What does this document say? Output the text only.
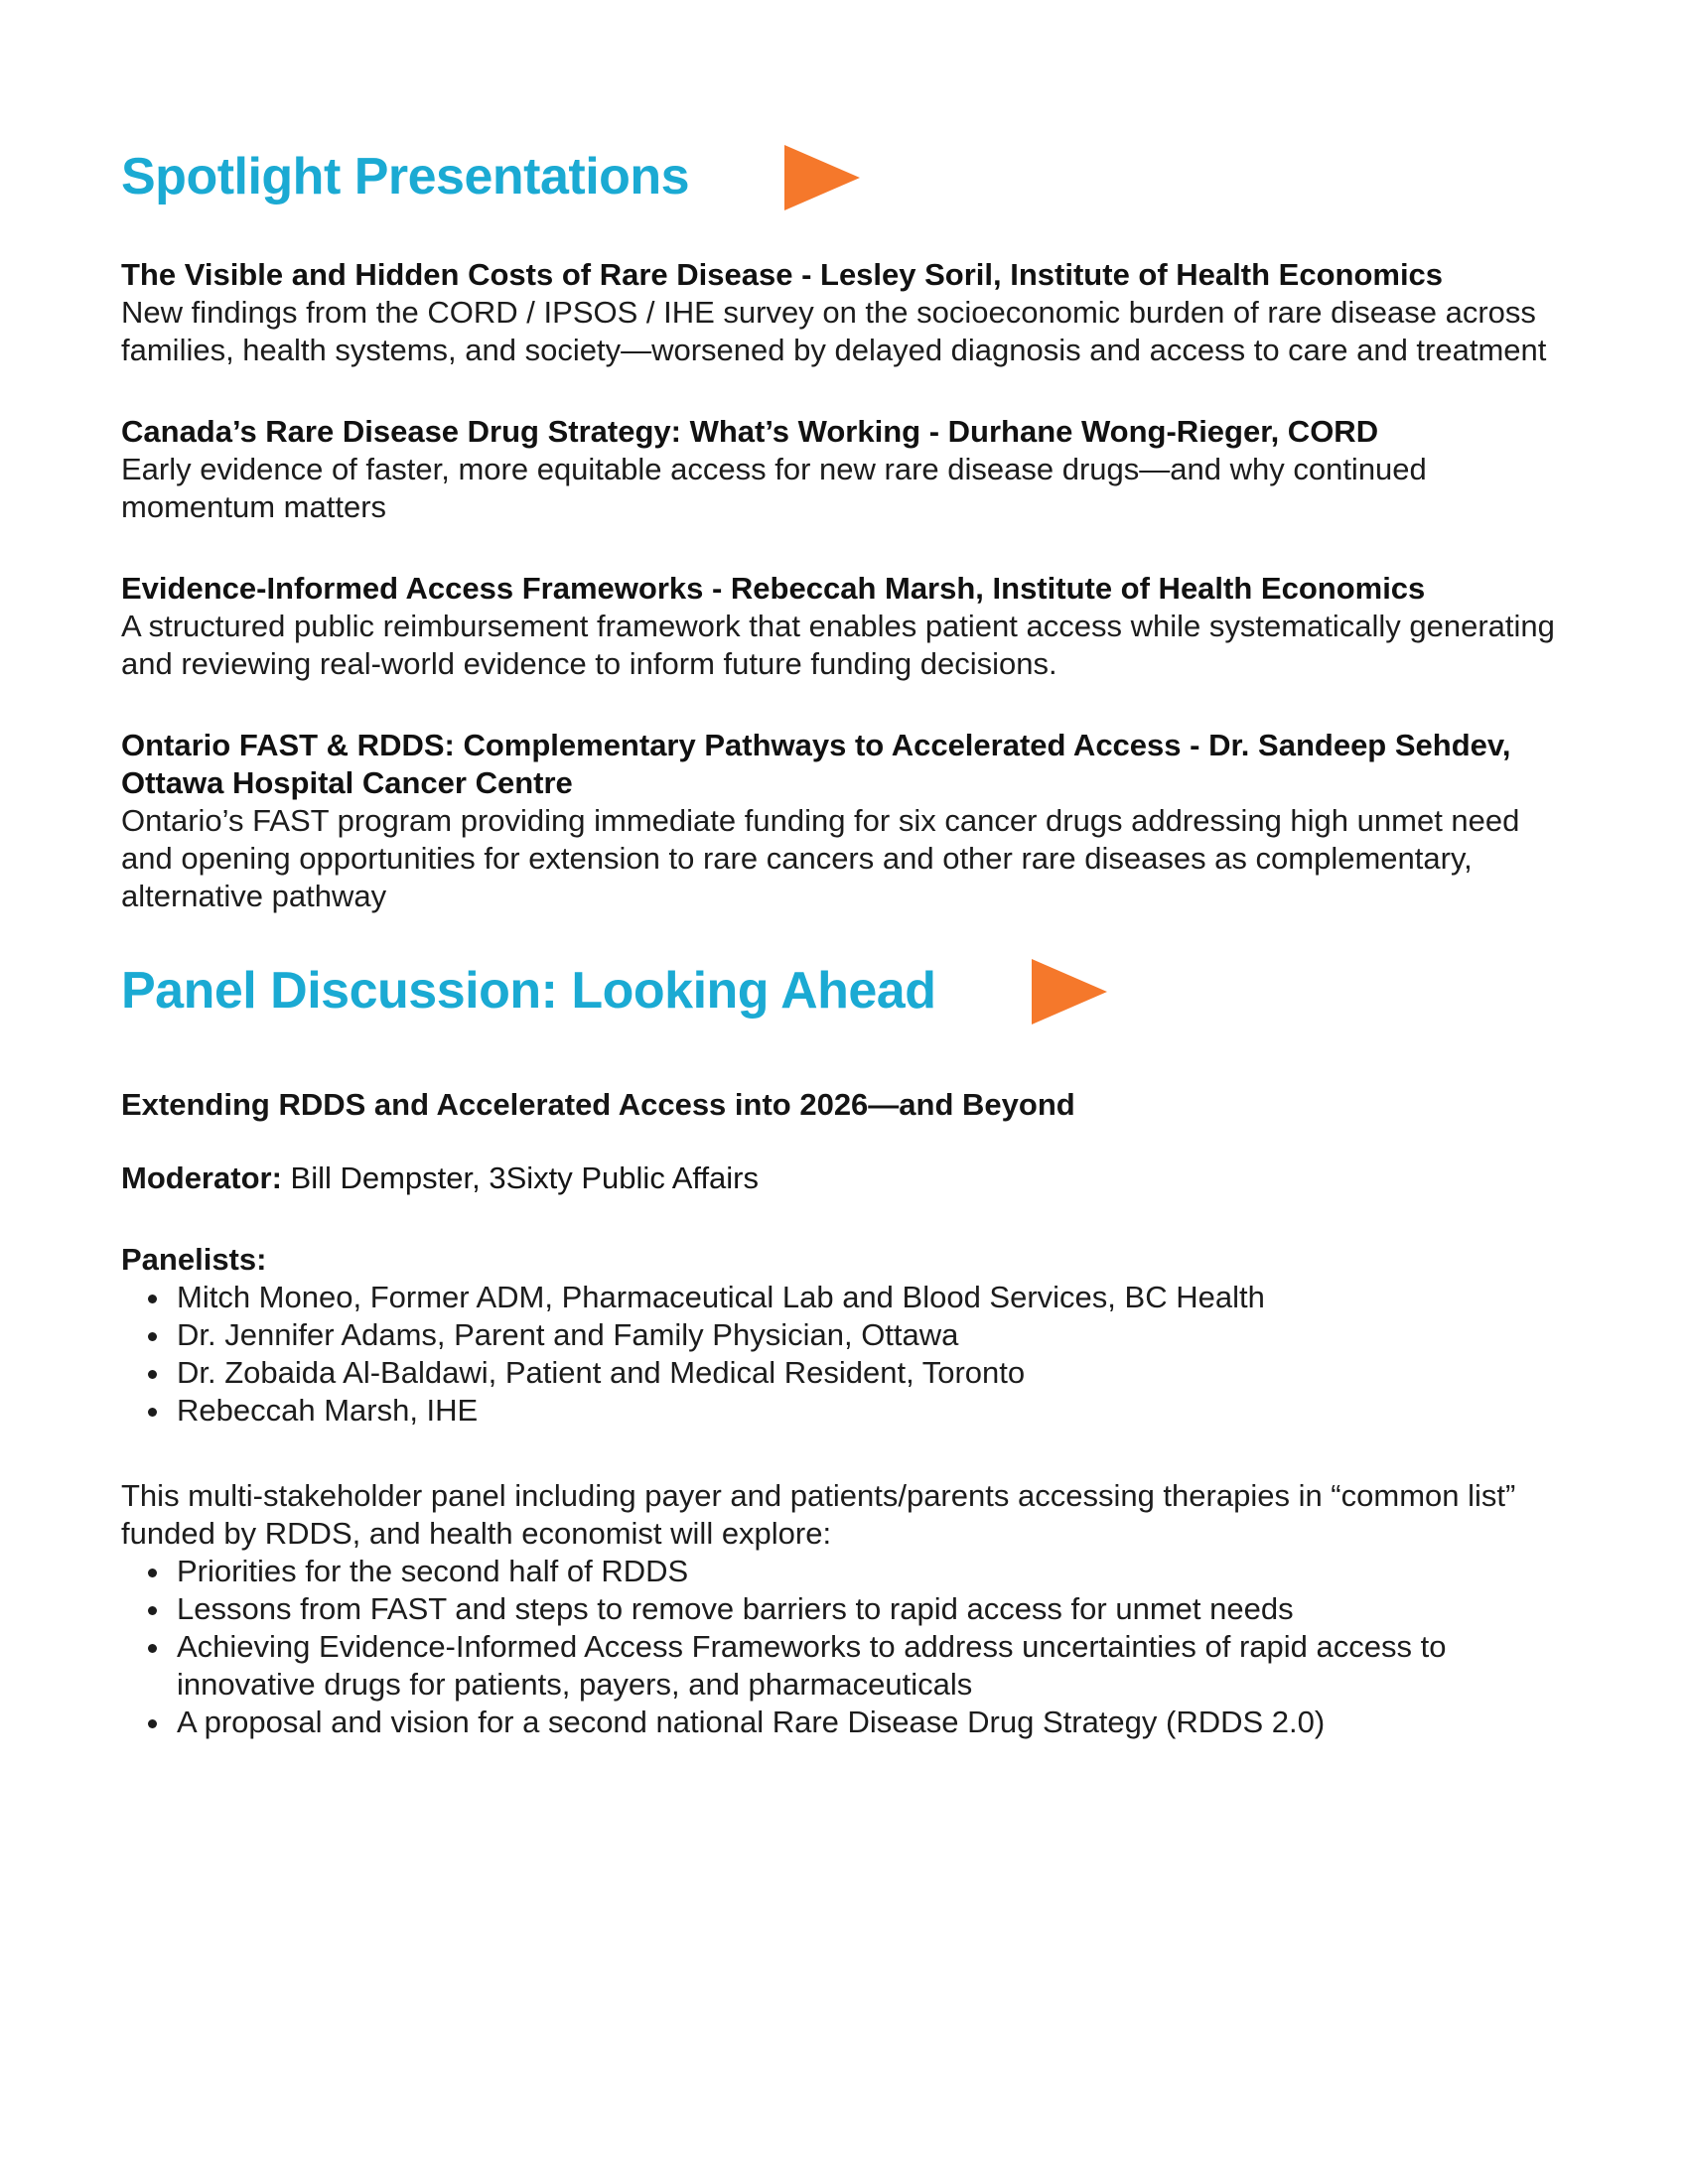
Spotlight Presentations

The Visible and Hidden Costs of Rare Disease - Lesley Soril, Institute of Health Economics

New findings from the CORD / IPSOS / IHE survey on the socioeconomic burden of rare disease across families, health systems, and society—worsened by delayed diagnosis and access to care and treatment

Canada’s Rare Disease Drug Strategy: What’s Working - Durhane Wong-Rieger, CORD

Early evidence of faster, more equitable access for new rare disease drugs—and why continued momentum matters

Evidence-Informed Access Frameworks - Rebeccah Marsh, Institute of Health Economics

A structured public reimbursement framework that enables patient access while systematically generating and reviewing real-world evidence to inform future funding decisions.

Ontario FAST & RDDS: Complementary Pathways to Accelerated Access - Dr. Sandeep Sehdev, Ottawa Hospital Cancer Centre

Ontario’s FAST program providing immediate funding for six cancer drugs addressing high unmet need and opening opportunities for extension to rare cancers and other rare diseases as complementary, alternative pathway

Panel Discussion: Looking Ahead

Extending RDDS and Accelerated Access into 2026—and Beyond

Moderator: Bill Dempster, 3Sixty Public Affairs

Panelists:

• Mitch Moneo, Former ADM, Pharmaceutical Lab and Blood Services, BC Health
• Dr. Jennifer Adams, Parent and Family Physician, Ottawa
• Dr. Zobaida Al-Baldawi, Patient and Medical Resident, Toronto
• Rebeccah Marsh, IHE

This multi-stakeholder panel including payer and patients/parents accessing therapies in “common list” funded by RDDS, and health economist will explore:

• Priorities for the second half of RDDS
• Lessons from FAST and steps to remove barriers to rapid access for unmet needs
• Achieving Evidence-Informed Access Frameworks to address uncertainties of rapid access to innovative drugs for patients, payers, and pharmaceuticals
• A proposal and vision for a second national Rare Disease Drug Strategy (RDDS 2.0)
